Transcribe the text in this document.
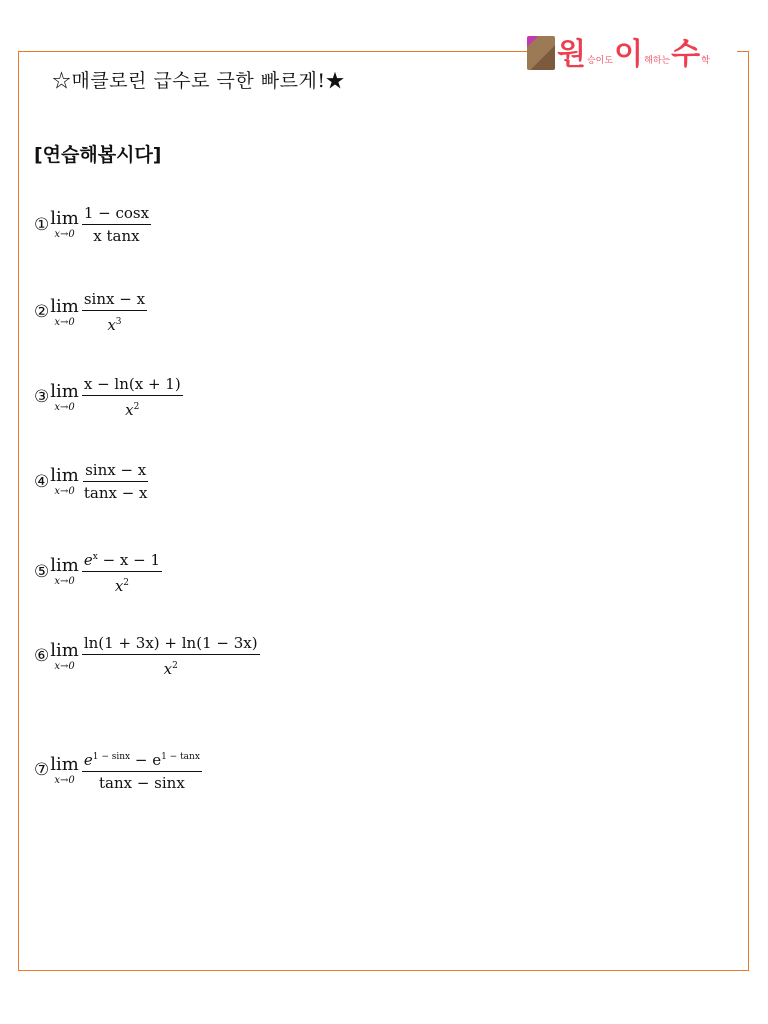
원 승이도 이 해하는 수 학
☆매클로린 급수로 극한 빠르게!★
[연습해봅시다]
① lim
$x\to 0 \frac{1 - \cos x}{\text{x tanx}}$
② lim
$x\to 0 \frac{\sin x - x}{x^3}$
③ lim
$x\to 0 \frac{x - \ln(x + 1)}{x^2}$
④ lim
$x\to 0 \frac{\sin x - x}{\tan x - x}$
⑤ lim
$x\to 0 \frac{e^x - x - 1}{x^2}$
⑥ lim
$x\to 0 \frac{\ln(1 + 3x) + \ln(1 - 3x)}{x^2}$
⑦ lim
$x\to 0 \frac{e^{1 - sinx} - e^{1 - tanx}}{\tan x - \sin x}$
